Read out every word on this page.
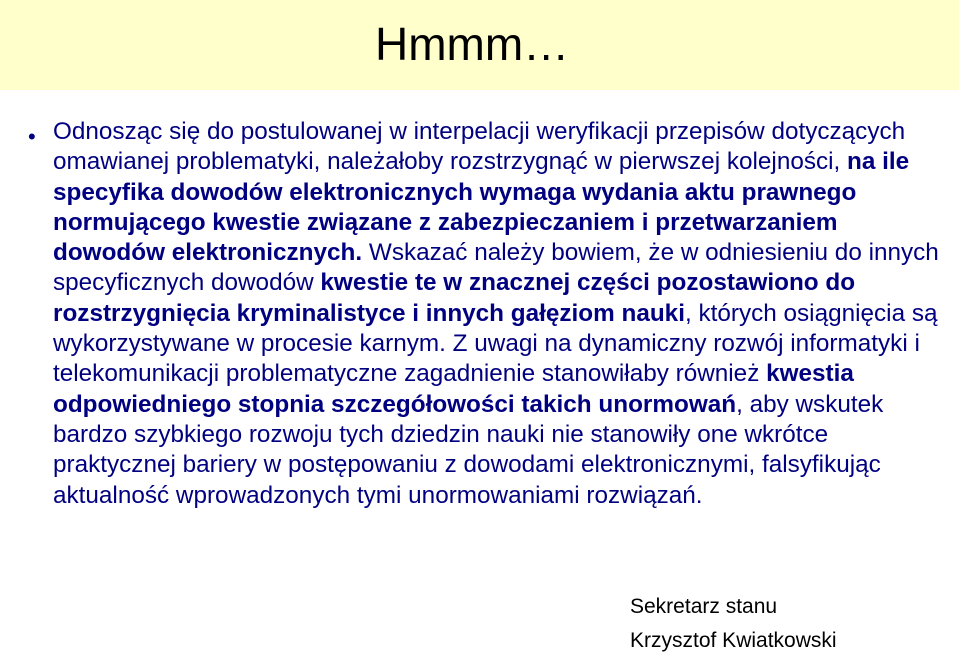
Hmmm…
• Odnosząc się do postulowanej w interpelacji weryfikacji przepisów dotyczących omawianej problematyki, należałoby rozstrzygnąć w pierwszej kolejności, na ile specyfika dowodów elektronicznych wymaga wydania aktu prawnego normującego kwestie związane z zabezpieczaniem i przetwarzaniem dowodów elektronicznych. Wskazać należy bowiem, że w odniesieniu do innych specyficznych dowodów kwestie te w znacznej części pozostawiono do rozstrzygnięcia kryminalistyce i innych gałęziom nauki, których osiągnięcia są wykorzystywane w procesie karnym. Z uwagi na dynamiczny rozwój informatyki i telekomunikacji problematyczne zagadnienie stanowiłaby również kwestia odpowiedniego stopnia szczegółowości takich unormowań, aby wskutek bardzo szybkiego rozwoju tych dziedzin nauki nie stanowiły one wkrótce praktycznej bariery w postępowaniu z dowodami elektronicznymi, falsyfikując aktualność wprowadzonych tymi unormowaniami rozwiązań.
Sekretarz stanu
Krzysztof Kwiatkowski
